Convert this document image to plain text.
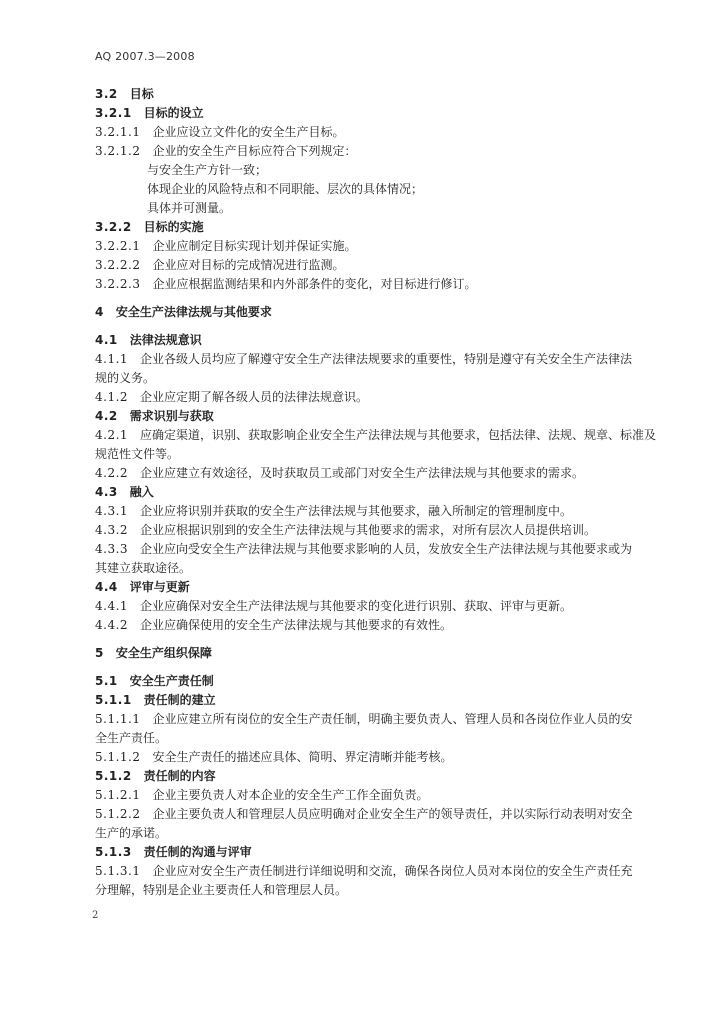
AQ 2007.3—2008
3.2 目标
3.2.1 目标的设立
3.2.1.1 企业应设立文件化的安全生产目标。
3.2.1.2 企业的安全生产目标应符合下列规定：
与安全生产方针一致；
体现企业的风险特点和不同职能、层次的具体情况；
具体并可测量。
3.2.2 目标的实施
3.2.2.1 企业应制定目标实现计划并保证实施。
3.2.2.2 企业应对目标的完成情况进行监测。
3.2.2.3 企业应根据监测结果和内外部条件的变化，对目标进行修订。
4 安全生产法律法规与其他要求
4.1 法律法规意识
4.1.1 企业各级人员均应了解遵守安全生产法律法规要求的重要性，特别是遵守有关安全生产法律法
规的义务。
4.1.2 企业应定期了解各级人员的法律法规意识。
4.2 需求识别与获取
4.2.1 应确定渠道，识别、获取影响企业安全生产法律法规与其他要求，包括法律、法规、规章、标准及
规范性文件等。
4.2.2 企业应建立有效途径，及时获取员工或部门对安全生产法律法规与其他要求的需求。
4.3 融入
4.3.1 企业应将识别并获取的安全生产法律法规与其他要求，融入所制定的管理制度中。
4.3.2 企业应根据识别到的安全生产法律法规与其他要求的需求，对所有层次人员提供培训。
4.3.3 企业应向受安全生产法律法规与其他要求影响的人员，发放安全生产法律法规与其他要求或为
其建立获取途径。
4.4 评审与更新
4.4.1 企业应确保对安全生产法律法规与其他要求的变化进行识别、获取、评审与更新。
4.4.2 企业应确保使用的安全生产法律法规与其他要求的有效性。
5 安全生产组织保障
5.1 安全生产责任制
5.1.1 责任制的建立
5.1.1.1 企业应建立所有岗位的安全生产责任制，明确主要负责人、管理人员和各岗位作业人员的安
全生产责任。
5.1.1.2 安全生产责任的描述应具体、简明、界定清晰并能考核。
5.1.2 责任制的内容
5.1.2.1 企业主要负责人对本企业的安全生产工作全面负责。
5.1.2.2 企业主要负责人和管理层人员应明确对企业安全生产的领导责任，并以实际行动表明对安全
生产的承诺。
5.1.3 责任制的沟通与评审
5.1.3.1 企业应对安全生产责任制进行详细说明和交流，确保各岗位人员对本岗位的安全生产责任充
分理解，特别是企业主要责任人和管理层人员。
2
